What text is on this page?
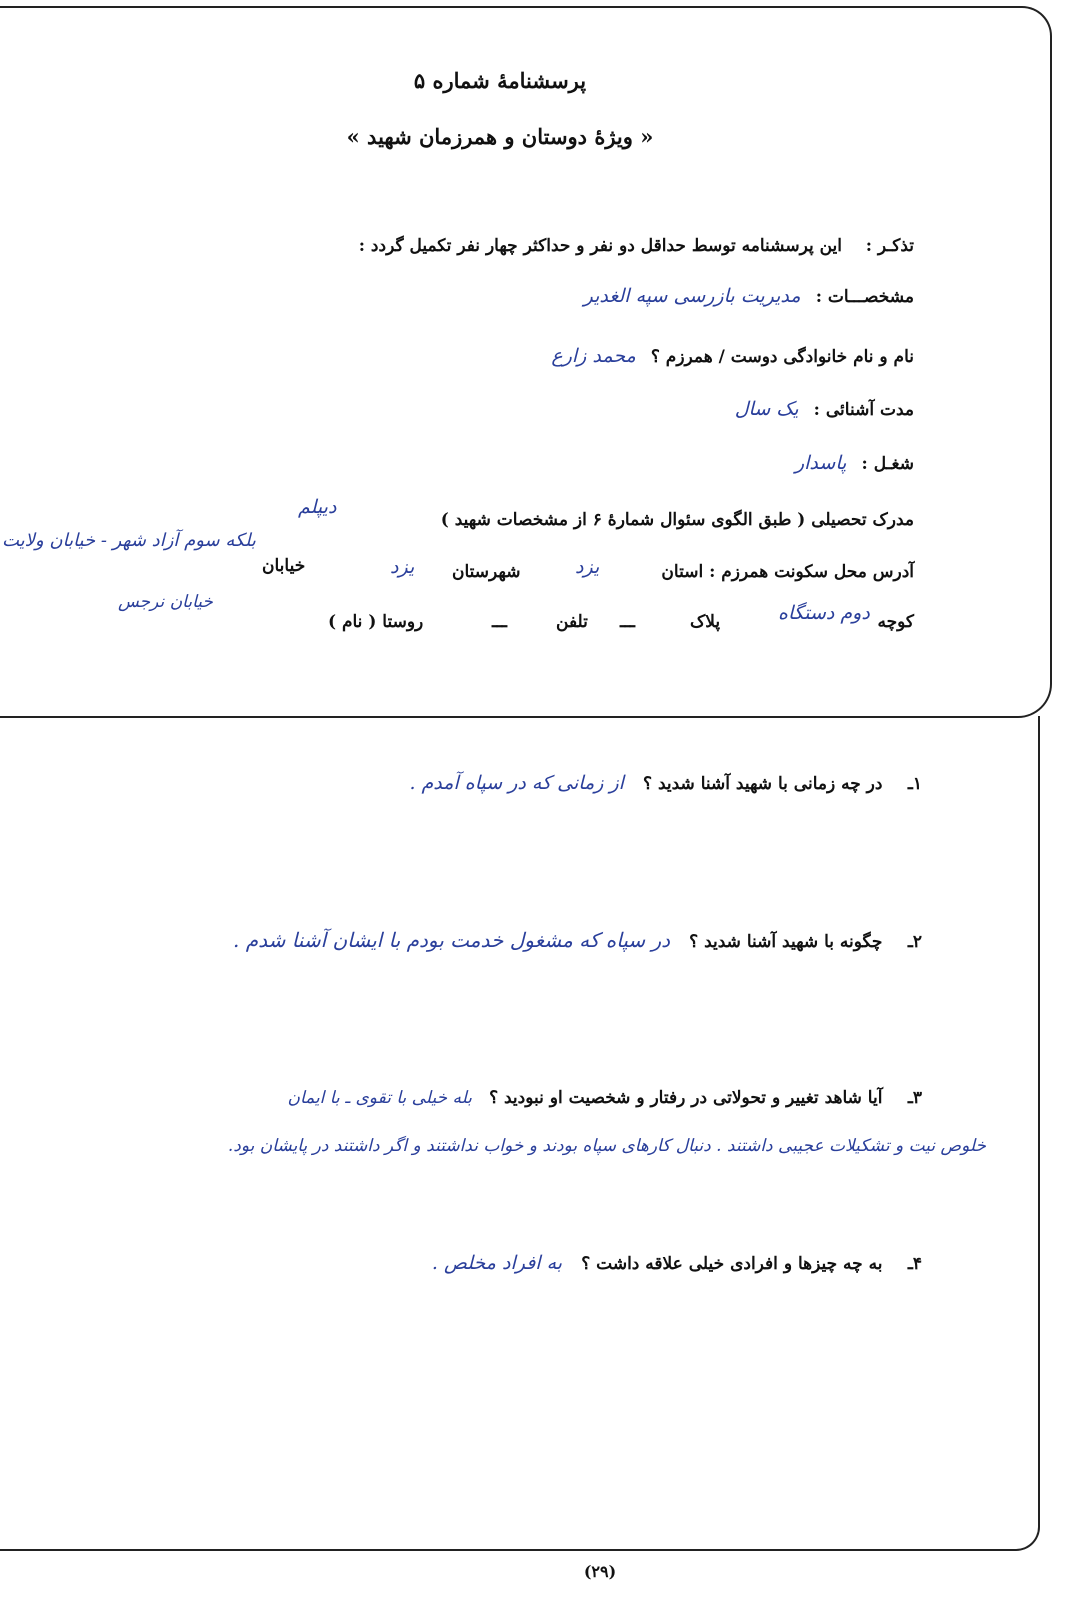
پرسشنامهٔ شماره ۵
« ویژهٔ دوستان و همرزمان شهید »
تذکـر :    این پرسشنامه توسط حداقل دو نفر و حداکثر چهار نفر تکمیل گردد :
مشخصـــات : مدیریت بازرسی سپه الغدیر
نام و نام خانوادگی دوست / همرزم ؟ محمد زارع
مدت آشنائی : یک سال
شغـل : پاسدار
مدرک تحصیلی ( طبق الگوی سئوال شمارهٔ ۶ از مشخصات شهید )
دیپلم
آدرس محل سکونت همرزم : استان
یزد
شهرستان
یزد
خیابان
بلکه سوم آزاد شهر - خیابان ولایت
خیابان نرجس
کوچه
دوم دستگاه
پلاک
ـــ
تلفن
ـــ
روستا ( نام )
۱ـ     در چه زمانی با شهید آشنا شدید ؟ از زمانی که در سپاه آمدم .
۲ـ     چگونه با شهید آشنا شدید ؟ در سپاه که مشغول خدمت بودم با ایشان آشنا شدم .
۳ـ     آیا شاهد تغییر و تحولاتی در رفتار و شخصیت او نبودید ؟ بله خیلی با تقوی ـ با ایمان
خلوص نیت و تشکیلات عجیبی داشتند . دنبال کارهای سپاه بودند و خواب نداشتند و اگر داشتند در پایشان بود.
۴ـ     به چه چیزها و افرادی خیلی علاقه داشت ؟ به افراد مخلص .
(۲۹)
